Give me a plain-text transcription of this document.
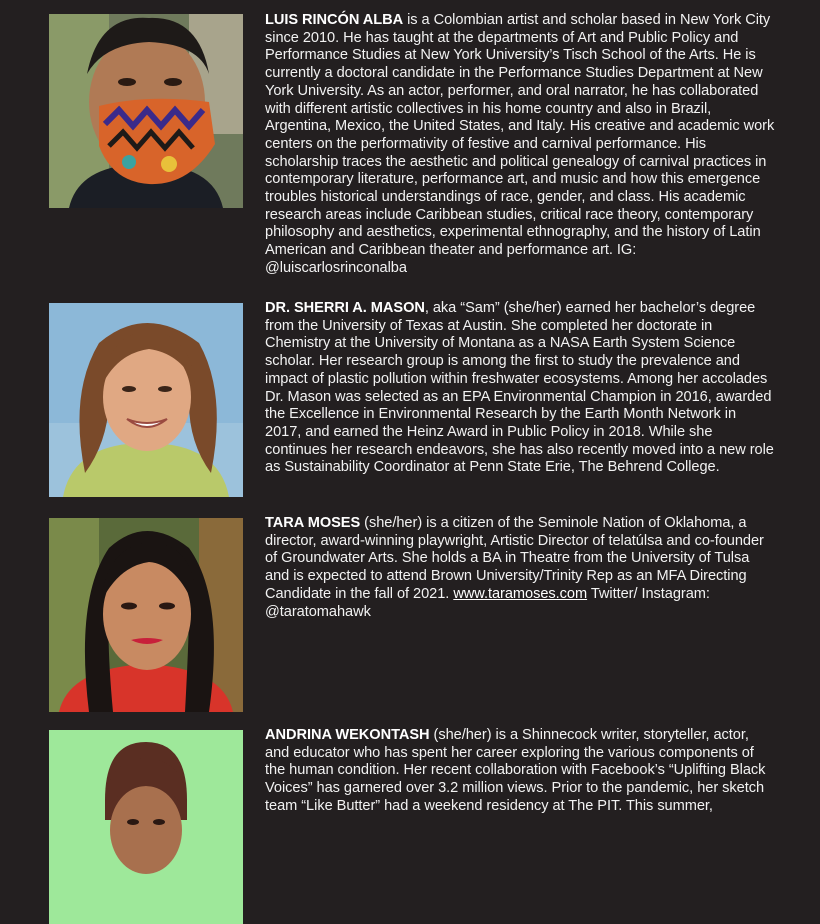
LUIS RINCÓN ALBA is a Colombian artist and scholar based in New York City since 2010. He has taught at the departments of Art and Public Policy and Performance Studies at New York University’s Tisch School of the Arts. He is currently a doctoral candidate in the Performance Studies Department at New York University. As an actor, performer, and oral narrator, he has collaborated with different artistic collectives in his home country and also in Brazil, Argentina, Mexico, the United States, and Italy. His creative and academic work centers on the performativity of festive and carnival performance. His scholarship traces the aesthetic and political genealogy of carnival practices in contemporary literature, performance art, and music and how this emergence troubles historical understandings of race, gender, and class. His academic research areas include Caribbean studies, critical race theory, contemporary philosophy and aesthetics, experimental ethnography, and the history of Latin American and Caribbean theater and performance art. IG: @luiscarlosrinconalba
DR. SHERRI A. MASON, aka “Sam” (she/her) earned her bachelor’s degree from the University of Texas at Austin. She completed her doctorate in Chemistry at the University of Montana as a NASA Earth System Science scholar. Her research group is among the first to study the prevalence and impact of plastic pollution within freshwater ecosystems. Among her accolades Dr. Mason was selected as an EPA Environmental Champion in 2016, awarded the Excellence in Environmental Research by the Earth Month Network in 2017, and earned the Heinz Award in Public Policy in 2018. While she continues her research endeavors, she has also recently moved into a new role as Sustainability Coordinator at Penn State Erie, The Behrend College.
TARA MOSES (she/her) is a citizen of the Seminole Nation of Oklahoma, a director, award-winning playwright, Artistic Director of telatúlsa and co-founder of Groundwater Arts. She holds a BA in Theatre from the University of Tulsa and is expected to attend Brown University/Trinity Rep as an MFA Directing Candidate in the fall of 2021. www.taramoses.com Twitter/ Instagram: @taratomahawk
ANDRINA WEKONTASH (she/her) is a Shinnecock writer, storyteller, actor, and educator who has spent her career exploring the various components of the human condition. Her recent collaboration with Facebook’s “Uplifting Black Voices” has garnered over 3.2 million views. Prior to the pandemic, her sketch team “Like Butter” had a weekend residency at The PIT. This summer,
